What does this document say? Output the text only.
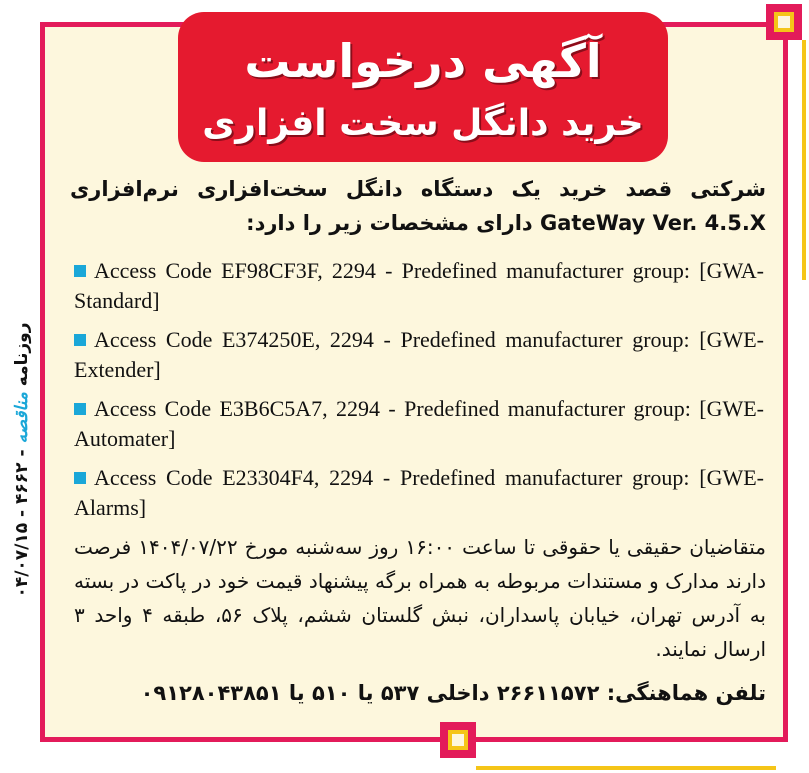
آگهی درخواست
خرید دانگل سخت افزاری
روزنامه مناقصه - ۴۶۶۲ - ۰۴/۰۷/۱۵
شرکتی قصد خرید یک دستگاه دانگل سخت‌افزاری نرم‌افزاری GateWay Ver. 4.5.X دارای مشخصات زیر را دارد:
Access Code EF98CF3F, 2294 - Predefined manufacturer group: [GWA-Standard]
Access Code E374250E, 2294 - Predefined manufacturer group: [GWE-Extender]
Access Code E3B6C5A7, 2294 - Predefined manufacturer group: [GWE-Automater]
Access Code E23304F4, 2294 - Predefined manufacturer group: [GWE-Alarms]
متقاضیان حقیقی یا حقوقی تا ساعت ۱۶:۰۰ روز سه‌شنبه مورخ ۱۴۰۴/۰۷/۲۲ فرصت دارند مدارک و مستندات مربوطه به همراه برگه پیشنهاد قیمت خود در پاکت در بسته به آدرس تهران، خیابان پاسداران، نبش گلستان ششم، پلاک ۵۶، طبقه ۴ واحد ۳ ارسال نمایند.
تلفن هماهنگی: ۲۶۶۱۱۵۷۲ داخلی ۵۳۷ یا ۵۱۰ یا ۰۹۱۲۸۰۴۳۸۵۱
